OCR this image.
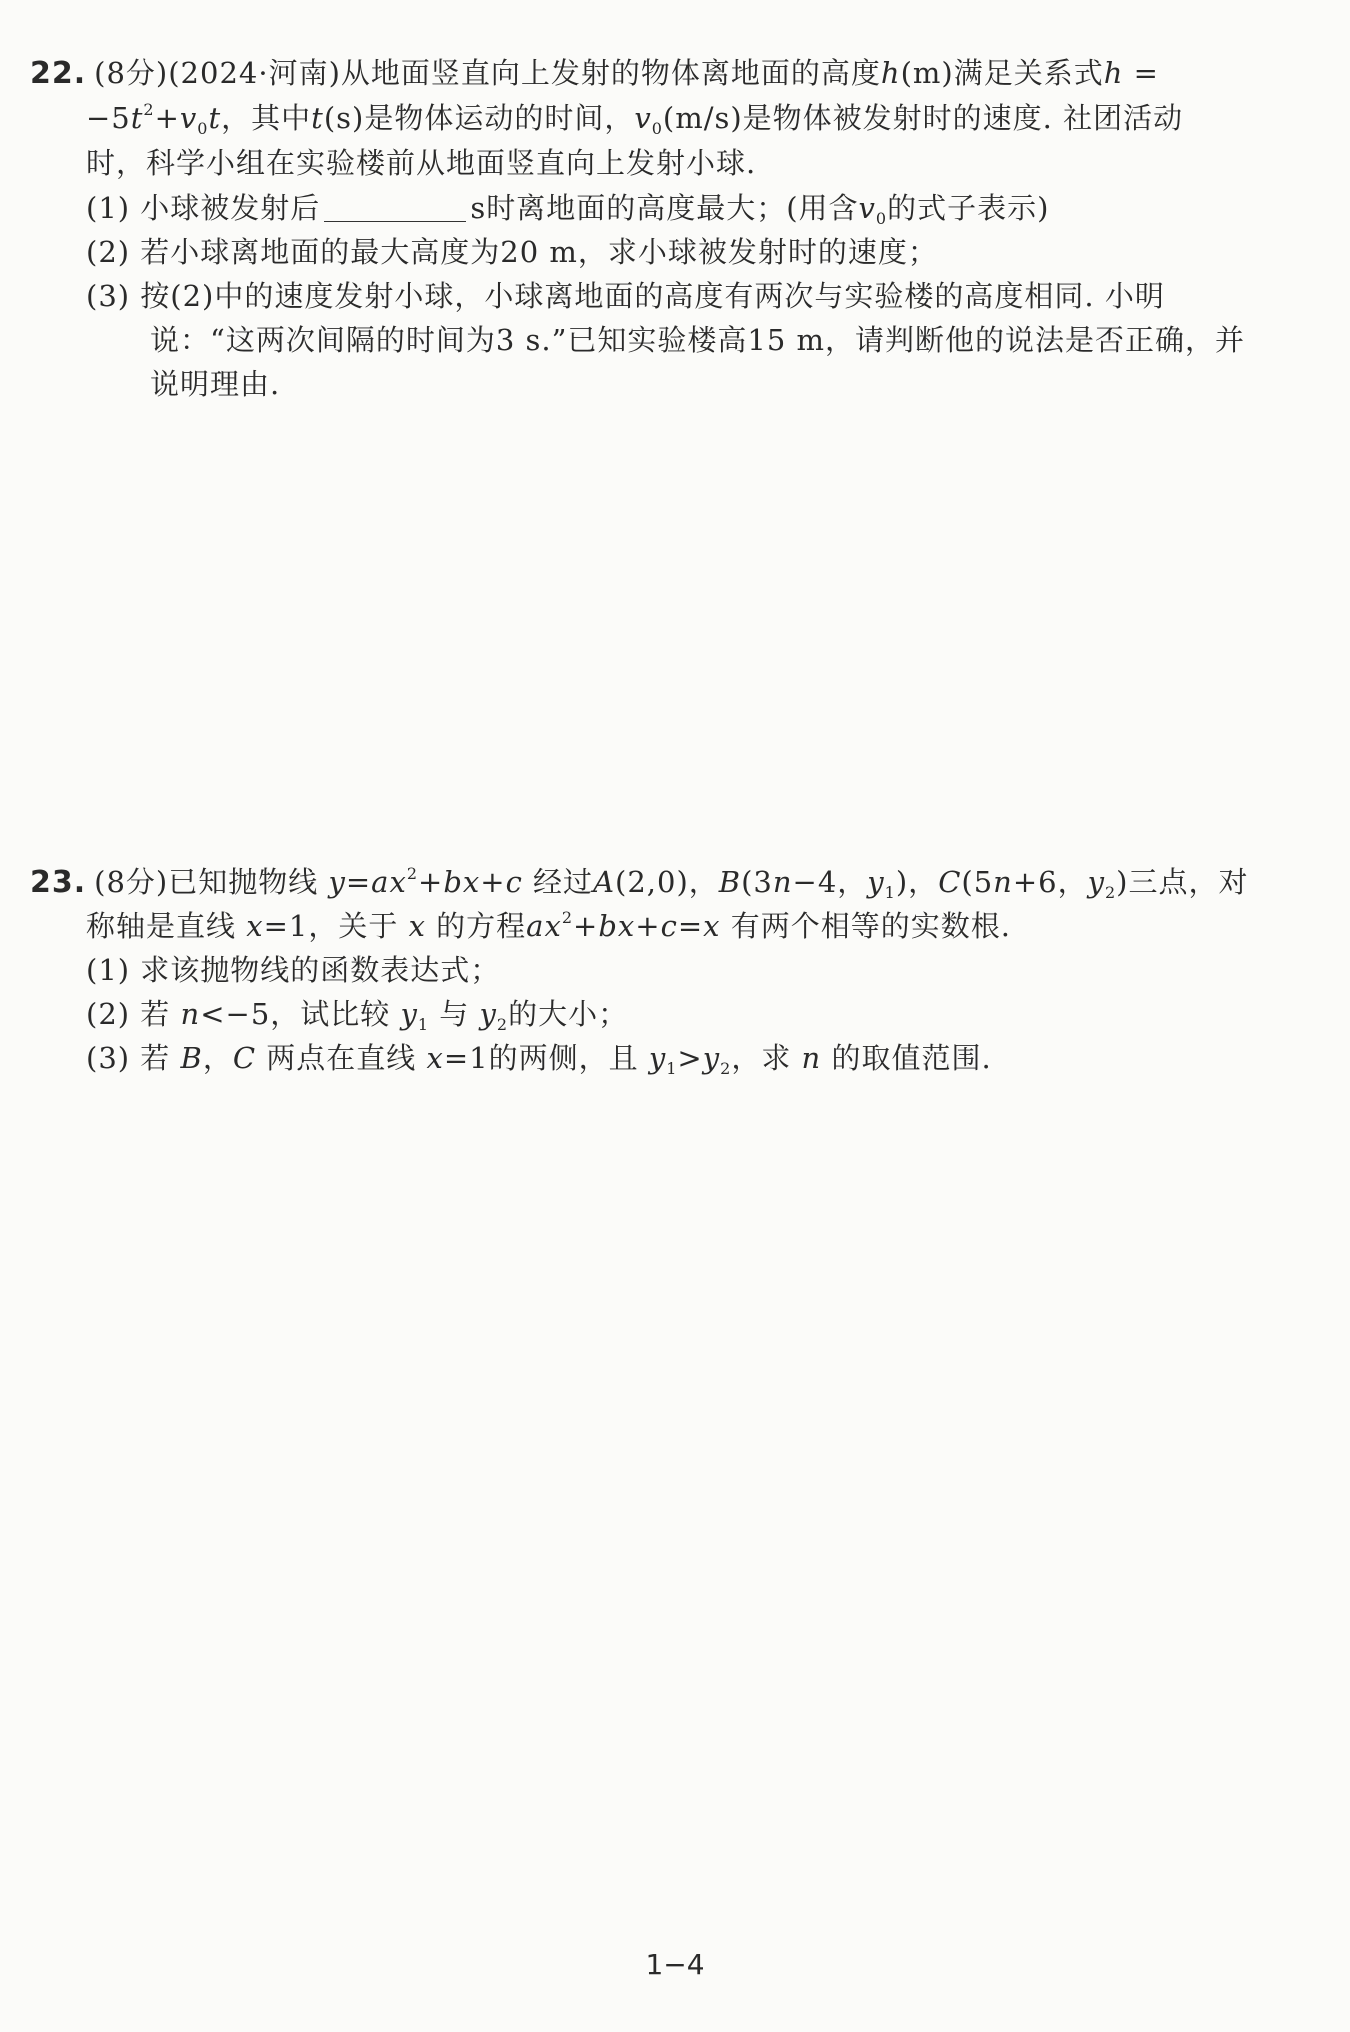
22. (8分)(2024·河南)从地面竖直向上发射的物体离地面的高度h(m)满足关系式h =
$-5t^2+v_0t$，其中t(s)是物体运动的时间，$v_0(m/s)$是物体被发射时的速度. 社团活动
时，科学小组在实验楼前从地面竖直向上发射小球.
(1) 小球被发射后	s时离地面的高度最大；(用含$v_0$的式子表示)
(2) 若小球离地面的最大高度为20 m，求小球被发射时的速度；
(3) 按(2)中的速度发射小球，小球离地面的高度有两次与实验楼的高度相同. 小明
说：“这两次间隔的时间为3 s.”已知实验楼高15 m，请判断他的说法是否正确，并
说明理由.
23. (8分)已知抛物线 $y=ax^2+bx+c$ 经过A(2,0)，B(3n−4，$y_1$)，C(5n+6，$y_2$)三点，对
称轴是直线 x=1，关于 x 的方程$ax^2+bx+c=x$ 有两个相等的实数根.
(1) 求该抛物线的函数表达式；
(2) 若 n<−5，试比较 $y_1$ 与 $y_2$的大小；
(3) 若 B，C 两点在直线 x=1的两侧，且 $y_1>y_2$，求 n 的取值范围.
1−4
